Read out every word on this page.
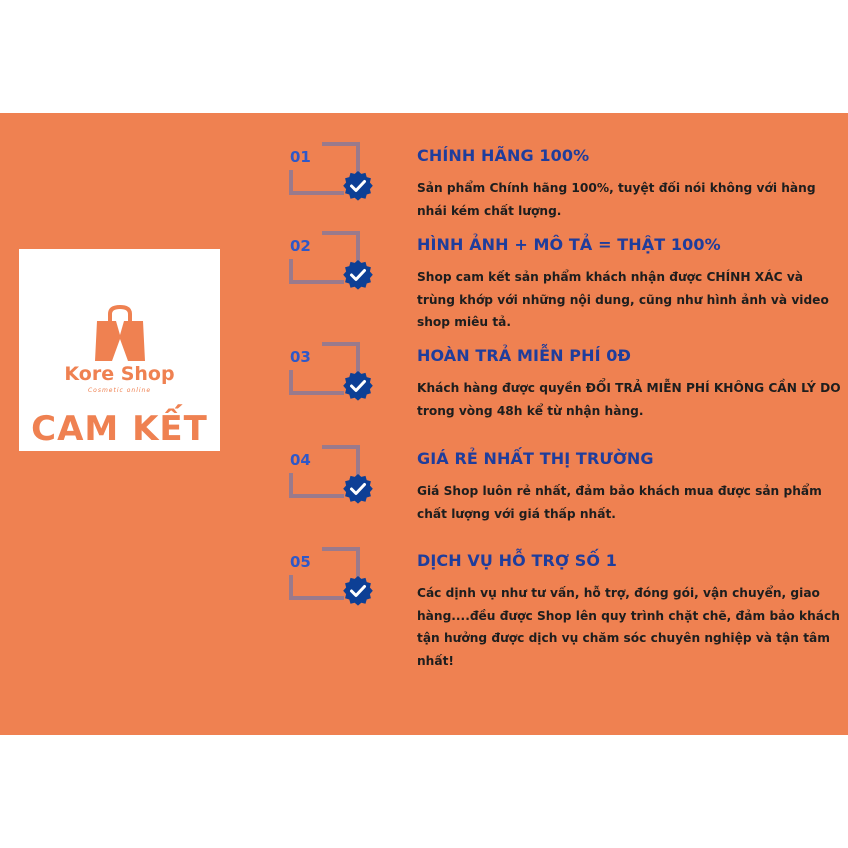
Kore Shop
Cosmetic online
CAM KẾT
01	CHÍNH HÃNG 100%
Sản phẩm Chính hãng 100%, tuyệt đối nói không với hàng nhái kém chất lượng.
02	HÌNH ẢNH + MÔ TẢ = THẬT 100%
Shop cam kết sản phẩm khách nhận được CHÍNH XÁC và trùng khớp với những nội dung, cũng như hình ảnh và video shop miêu tả.
03	HOÀN TRẢ MIỄN PHÍ 0Đ
Khách hàng được quyền ĐỔI TRẢ MIỄN PHÍ KHÔNG CẦN LÝ DO trong vòng 48h kể từ nhận hàng.
04	GIÁ RẺ NHẤT THỊ TRƯỜNG
Giá Shop luôn rẻ nhất, đảm bảo khách mua được sản phẩm chất lượng với giá thấp nhất.
05	DỊCH VỤ HỖ TRỢ SỐ 1
Các dịnh vụ như tư vấn, hỗ trợ, đóng gói, vận chuyển, giao hàng....đều được Shop lên quy trình chặt chẽ, đảm bảo khách tận hưởng được dịch vụ chăm sóc chuyên nghiệp và tận tâm nhất!
